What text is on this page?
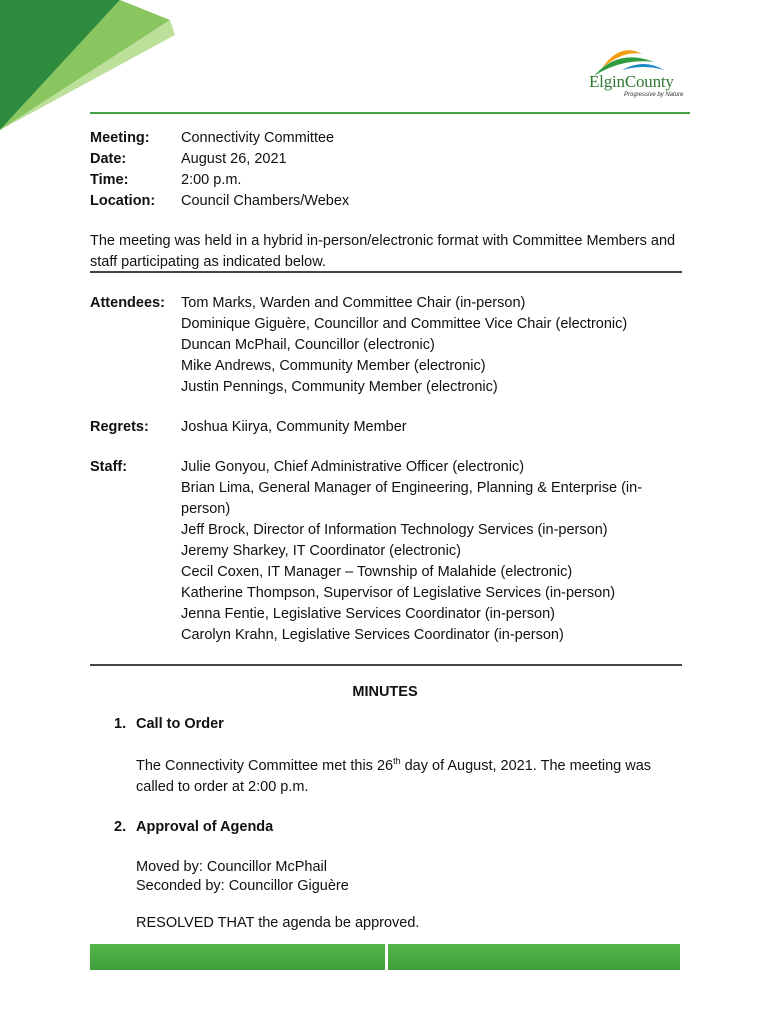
ElginCounty
Progressive by Nature
Meeting:	Connectivity Committee
Date:	August 26, 2021
Time:	2:00 p.m.
Location:	Council Chambers/Webex
The meeting was held in a hybrid in-person/electronic format with Committee Members and staff participating as indicated below.
Attendees:	Tom Marks, Warden and Committee Chair (in-person)
Dominique Giguère, Councillor and Committee Vice Chair (electronic)
Duncan McPhail, Councillor (electronic)
Mike Andrews, Community Member (electronic)
Justin Pennings, Community Member (electronic)
Regrets:	Joshua Kiirya, Community Member
Staff:	Julie Gonyou, Chief Administrative Officer (electronic)
Brian Lima, General Manager of Engineering, Planning & Enterprise (in-person)
Jeff Brock, Director of Information Technology Services (in-person)
Jeremy Sharkey, IT Coordinator (electronic)
Cecil Coxen, IT Manager – Township of Malahide (electronic)
Katherine Thompson, Supervisor of Legislative Services (in-person)
Jenna Fentie, Legislative Services Coordinator (in-person)
Carolyn Krahn, Legislative Services Coordinator (in-person)
MINUTES
1. Call to Order
The Connectivity Committee met this 26th day of August, 2021. The meeting was called to order at 2:00 p.m.
2. Approval of Agenda
Moved by: Councillor McPhail
Seconded by: Councillor Giguère
RESOLVED THAT the agenda be approved.
